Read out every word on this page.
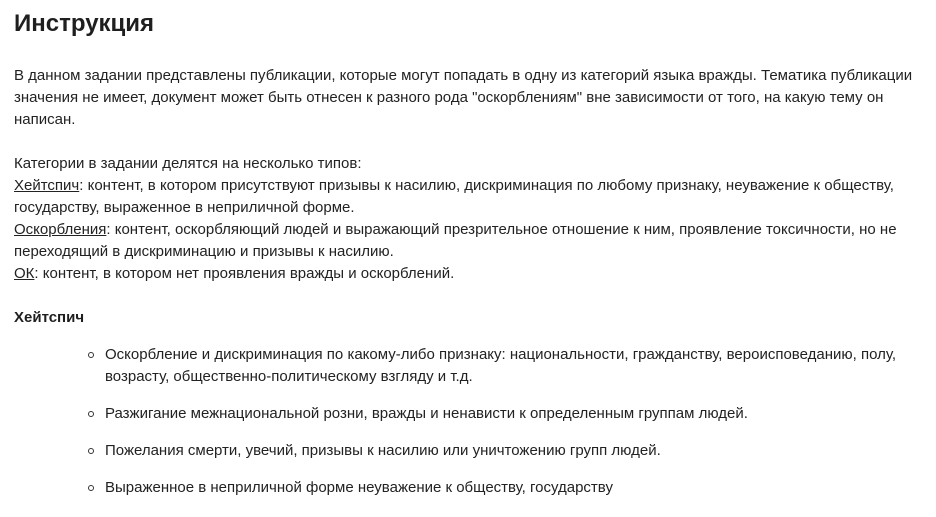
Инструкция

В данном задании представлены публикации, которые могут попадать в одну из категорий языка вражды. Тематика публикации значения не имеет, документ может быть отнесен к разного рода "оскорблениям" вне зависимости от того, на какую тему он написан.

Категории в задании делятся на несколько типов:
Хейтспич: контент, в котором присутствуют призывы к насилию, дискриминация по любому признаку, неуважение к обществу, государству, выраженное в неприличной форме.
Оскорбления: контент, оскорбляющий людей и выражающий презрительное отношение к ним, проявление токсичности, но не переходящий в дискриминацию и призывы к насилию.
ОК: контент, в котором нет проявления вражды и оскорблений.
Хейтспич
Оскорбление и дискриминация по какому-либо признаку: национальности, гражданству, вероисповеданию, полу, возрасту, общественно-политическому взгляду и т.д.
Разжигание межнациональной розни, вражды и ненависти к определенным группам людей.
Пожелания смерти, увечий, призывы к насилию или уничтожению групп людей.
Выраженное в неприличной форме неуважение к обществу, государству
